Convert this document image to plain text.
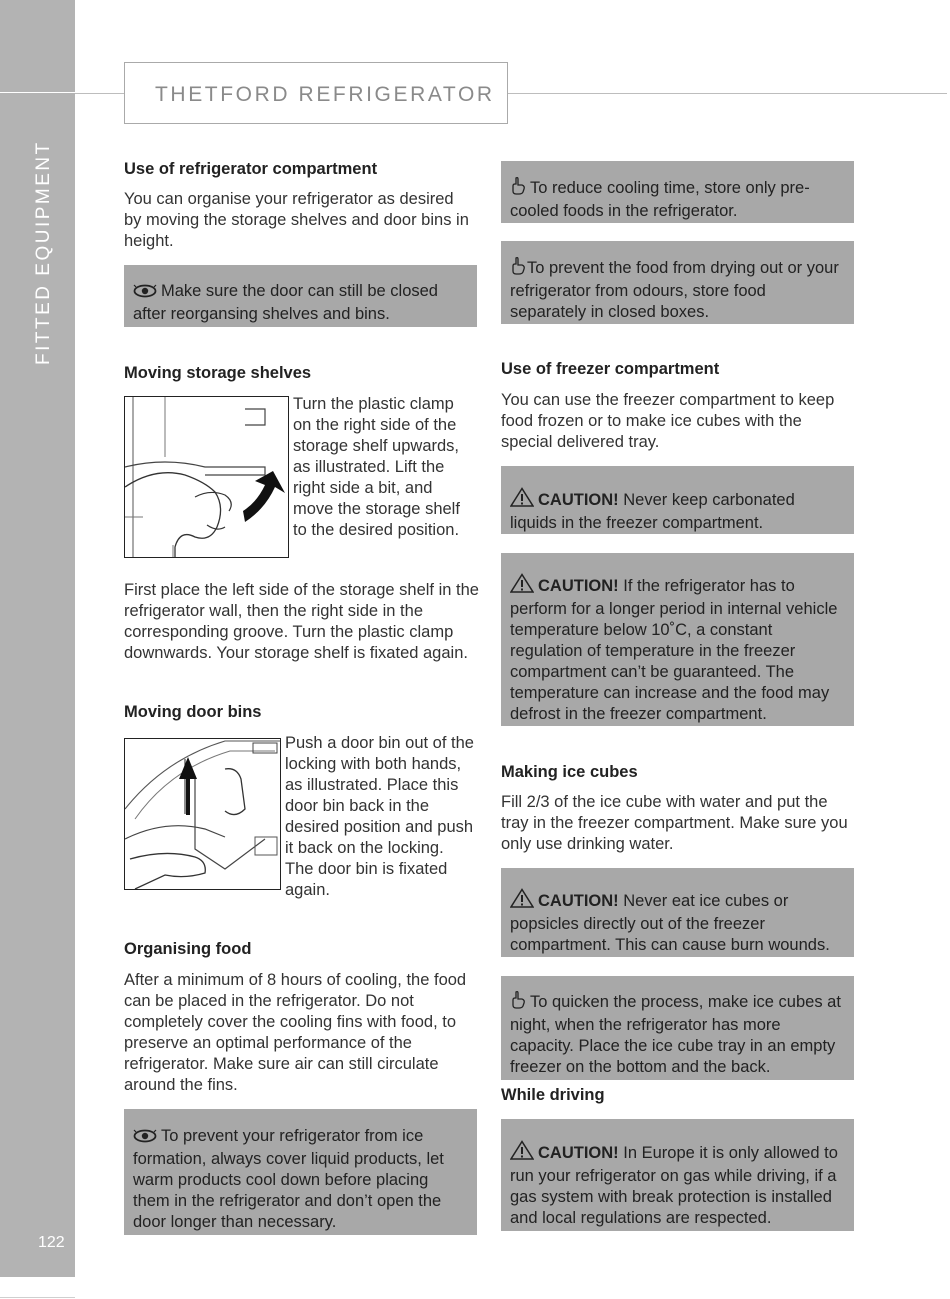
FITTED EQUIPMENT
122
THETFORD REFRIGERATOR
Use of refrigerator compartment
You can organise your refrigerator as desired by moving the storage shelves and door bins in height.
Make sure the door can still be closed after reorgansing shelves and bins.
Moving storage shelves
Turn the plastic clamp on the right side of the storage shelf upwards, as illustrated. Lift the right side a bit, and move the storage shelf to the desired position.
First place the left side of the storage shelf in the refrigerator wall, then the right side in the corresponding groove. Turn the plastic clamp downwards. Your storage shelf is fixated again.
Moving door bins
Push a door bin out of the locking with both hands, as illustrated. Place this door bin back in the desired position and push it back on the locking. The door bin is fixated again.
Organising food
After a minimum of 8 hours of cooling, the food can be placed in the refrigerator. Do not completely cover the cooling fins with food, to preserve an optimal performance of the refrigerator. Make sure air can still circulate around the fins.
To prevent your refrigerator from ice formation, always cover liquid products, let warm products cool down before placing them in the refrigerator and don’t open the door longer than necessary.
To reduce cooling time, store only pre-cooled foods in the refrigerator.
To prevent the food from drying out or your refrigerator from odours, store food separately in closed boxes.
Use of freezer compartment
You can use the freezer compartment to keep food frozen or to make ice cubes with the special delivered tray.
CAUTION! Never keep carbonated liquids in the freezer compartment.
CAUTION! If the refrigerator has to perform for a longer period in internal vehicle temperature below 10˚C, a constant regulation of temperature in the freezer compartment can’t be guaranteed. The temperature can increase and the food may defrost in the freezer compartment.
Making ice cubes
Fill 2/3 of the ice cube with water and put the tray in the freezer compartment. Make sure you only use drinking water.
CAUTION! Never eat ice cubes or popsicles directly out of the freezer compartment. This can cause burn wounds.
To quicken the process, make ice cubes at night, when the refrigerator has more capacity. Place the ice cube tray in an empty freezer on the bottom and the back.
While driving
CAUTION! In Europe it is only allowed to run your refrigerator on gas while driving, if a gas system with break protection is installed and local regulations are respected.
